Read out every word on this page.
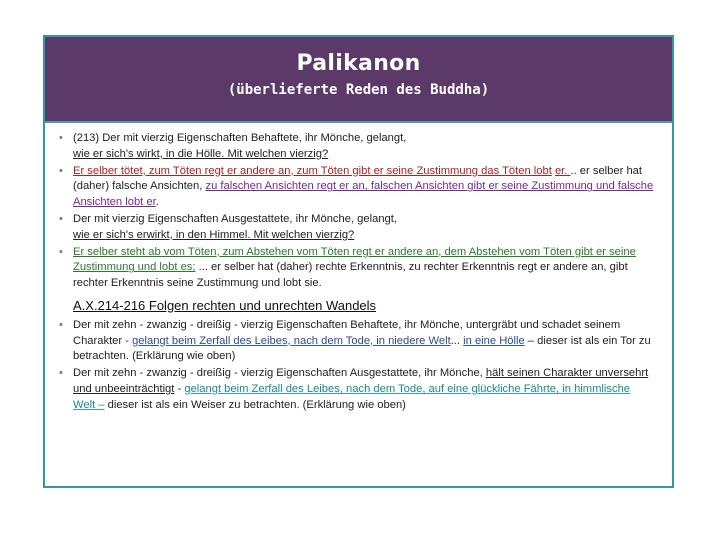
Palikanon
(überlieferte Reden des Buddha)
• (213) Der mit vierzig Eigenschaften Behaftete, ihr Mönche, gelangt,
wie er sich's wirkt, in die Hölle. Mit welchen vierzig?
• Er selber tötet, zum Töten regt er andere an, zum Töten gibt er seine Zustimmung das Töten lobt er. .. er selber hat (daher) falsche Ansichten, zu falschen Ansichten regt er an, falschen Ansichten gibt er seine Zustimmung und falsche Ansichten lobt er.
• Der mit vierzig Eigenschaften Ausgestattete, ihr Mönche, gelangt,
wie er sich's erwirkt, in den Himmel. Mit welchen vierzig?
• Er selber steht ab vom Töten, zum Abstehen vom Töten regt er andere an, dem Abstehen vom Töten gibt er seine Zustimmung und lobt es; ... er selber hat (daher) rechte Erkenntnis, zu rechter Erkenntnis regt er andere an, gibt rechter Erkenntnis seine Zustimmung und lobt sie.
A.X.214-216 Folgen rechten und unrechten Wandels
• Der mit zehn - zwanzig - dreißig - vierzig Eigenschaften Behaftete, ihr Mönche, untergräbt und schadet seinem Charakter - gelangt beim Zerfall des Leibes, nach dem Tode, in niedere Welt... in eine Hölle – dieser ist als ein Tor zu betrachten. (Erklärung wie oben)
• Der mit zehn - zwanzig - dreißig - vierzig Eigenschaften Ausgestattete, ihr Mönche, hält seinen Charakter unversehrt und unbeeinträchtigt - gelangt beim Zerfall des Leibes, nach dem Tode, auf eine glückliche Fährte, in himmlische Welt – dieser ist als ein Weiser zu betrachten. (Erklärung wie oben)
